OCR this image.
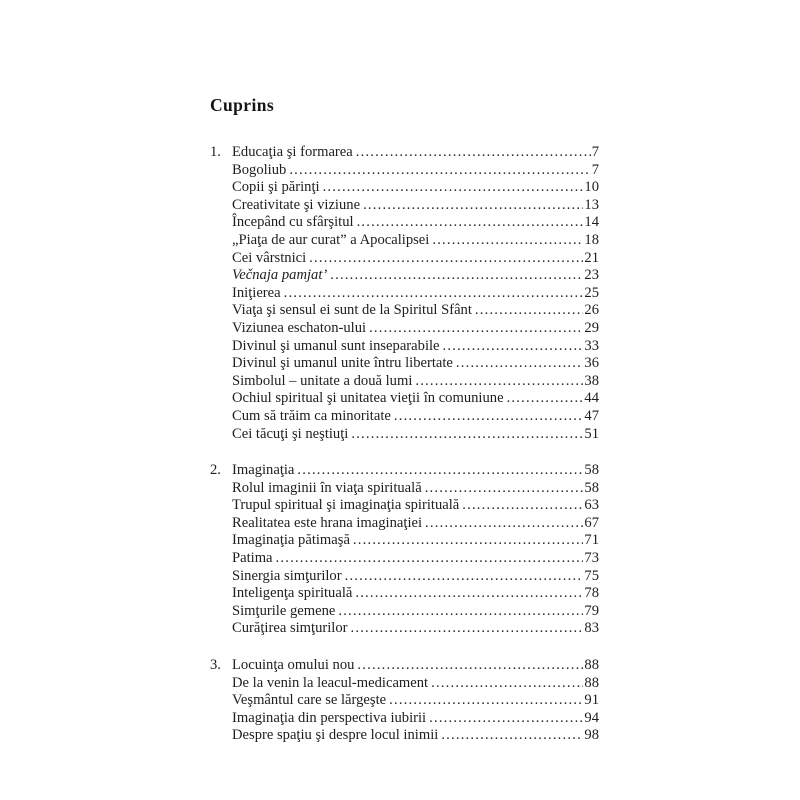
Cuprins
1. Educaţia şi formarea .....	7
Bogoliub .....	7
Copii şi părinţi .....	10
Creativitate şi viziune .....	13
Începând cu sfârşitul .....	14
„Piaţa de aur curat” a Apocalipsei .....	18
Cei vârstnici .....	21
Večnaja pamjat’ .....	23
Iniţierea .....	25
Viaţa şi sensul ei sunt de la Spiritul Sfânt .....	26
Viziunea eschaton-ului .....	29
Divinul şi umanul sunt inseparabile .....	33
Divinul şi umanul unite întru libertate .....	36
Simbolul – unitate a două lumi .....	38
Ochiul spiritual şi unitatea vieţii în comuniune .....	44
Cum să trăim ca minoritate .....	47
Cei tăcuţi şi neştiuţi .....	51
2. Imaginaţia .....	58
Rolul imaginii în viaţa spirituală .....	58
Trupul spiritual şi imaginaţia spirituală .....	63
Realitatea este hrana imaginaţiei .....	67
Imaginaţia pătimaşă .....	71
Patima .....	73
Sinergia simţurilor .....	75
Inteligenţa spirituală .....	78
Simţurile gemene .....	79
Curăţirea simţurilor .....	83
3. Locuinţa omului nou .....	88
De la venin la leacul-medicament .....	88
Veşmântul care se lărgeşte .....	91
Imaginaţia din perspectiva iubirii .....	94
Despre spaţiu şi despre locul inimii .....	98
